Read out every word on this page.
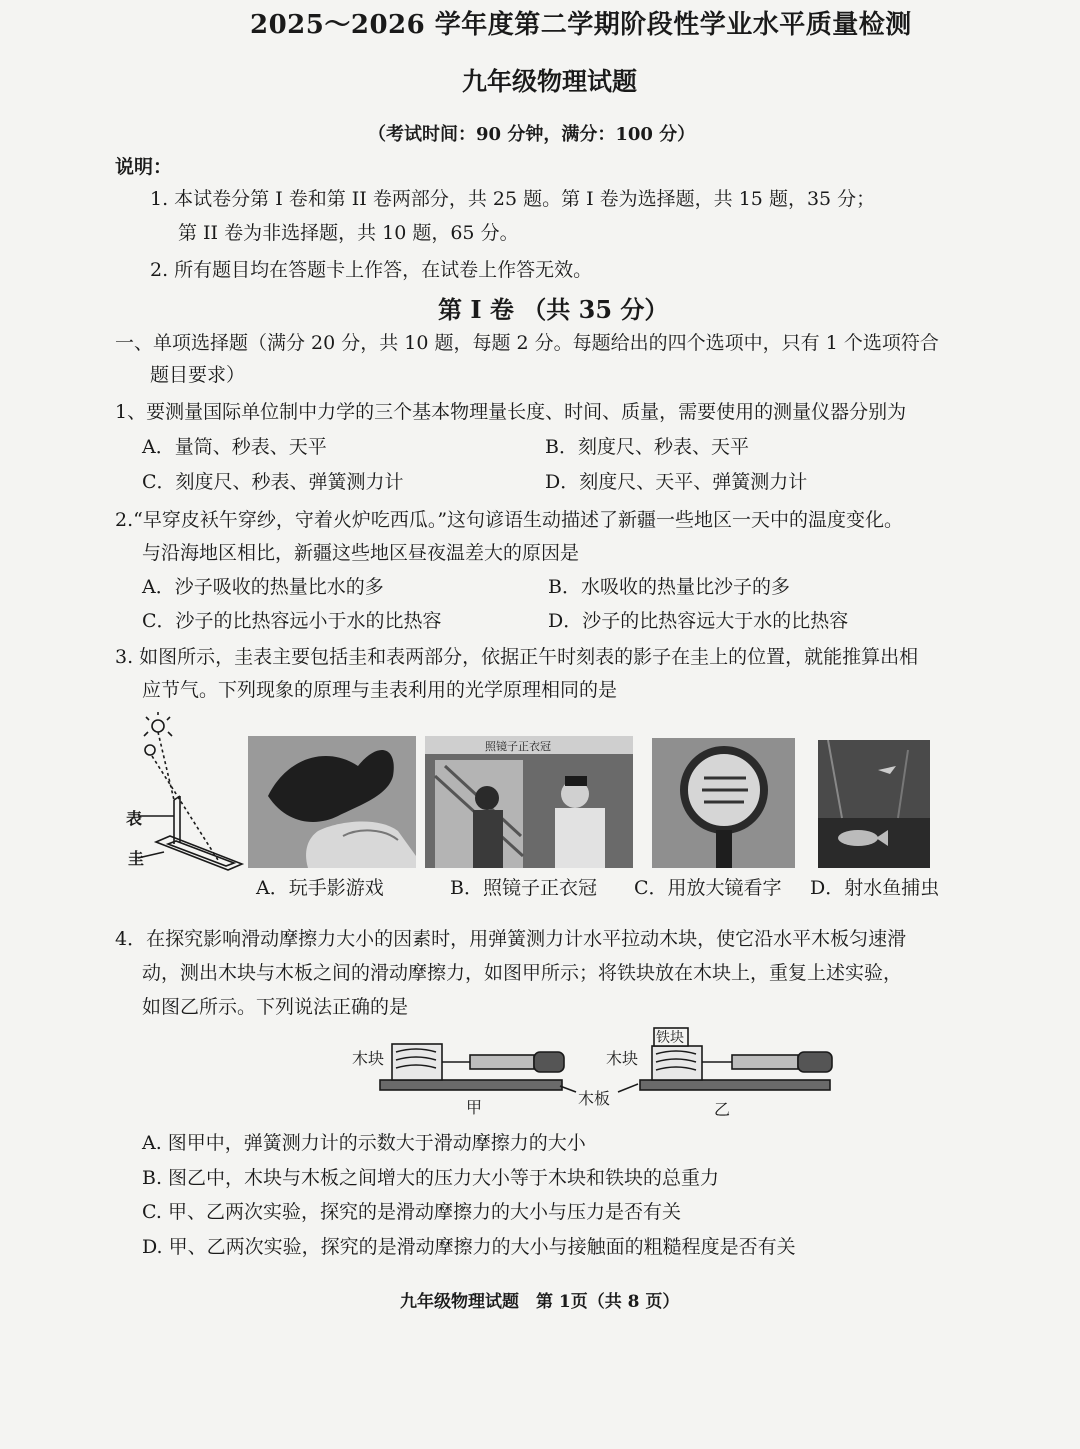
2025～2026 学年度第二学期阶段性学业水平质量检测
九年级物理试题
（考试时间：90 分钟，满分：100 分）
说明：
1. 本试卷分第 I 卷和第 II 卷两部分，共 25 题。第 I 卷为选择题，共 15 题，35 分；
第 II 卷为非选择题，共 10 题，65 分。
2. 所有题目均在答题卡上作答，在试卷上作答无效。
第 I 卷 （共 35 分）
一、单项选择题（满分 20 分，共 10 题，每题 2 分。每题给出的四个选项中，只有 1 个选项符合
题目要求）
1、要测量国际单位制中力学的三个基本物理量长度、时间、质量，需要使用的测量仪器分别为
A．量筒、秒表、天平	B．刻度尺、秒表、天平
C．刻度尺、秒表、弹簧测力计	D．刻度尺、天平、弹簧测力计
2.“早穿皮袄午穿纱，守着火炉吃西瓜。”这句谚语生动描述了新疆一些地区一天中的温度变化。
与沿海地区相比，新疆这些地区昼夜温差大的原因是
A．沙子吸收的热量比水的多	B．水吸收的热量比沙子的多
C．沙子的比热容远小于水的比热容	D．沙子的比热容远大于水的比热容
3. 如图所示，圭表主要包括圭和表两部分，依据正午时刻表的影子在圭上的位置，就能推算出相
应节气。下列现象的原理与圭表利用的光学原理相同的是
表
圭
照镜子正衣冠
A．玩手影游戏	B．照镜子正衣冠 C．用放大镜看字 D．射水鱼捕虫
4．在探究影响滑动摩擦力大小的因素时，用弹簧测力计水平拉动木块，使它沿水平木板匀速滑
动，测出木块与木板之间的滑动摩擦力，如图甲所示；将铁块放在木块上，重复上述实验，
如图乙所示。下列说法正确的是
木块	木块
铁块
木板
甲	乙
A. 图甲中，弹簧测力计的示数大于滑动摩擦力的大小
B. 图乙中，木块与木板之间增大的压力大小等于木块和铁块的总重力
C. 甲、乙两次实验，探究的是滑动摩擦力的大小与压力是否有关
D. 甲、乙两次实验，探究的是滑动摩擦力的大小与接触面的粗糙程度是否有关
九年级物理试题　第 1页（共 8 页）
